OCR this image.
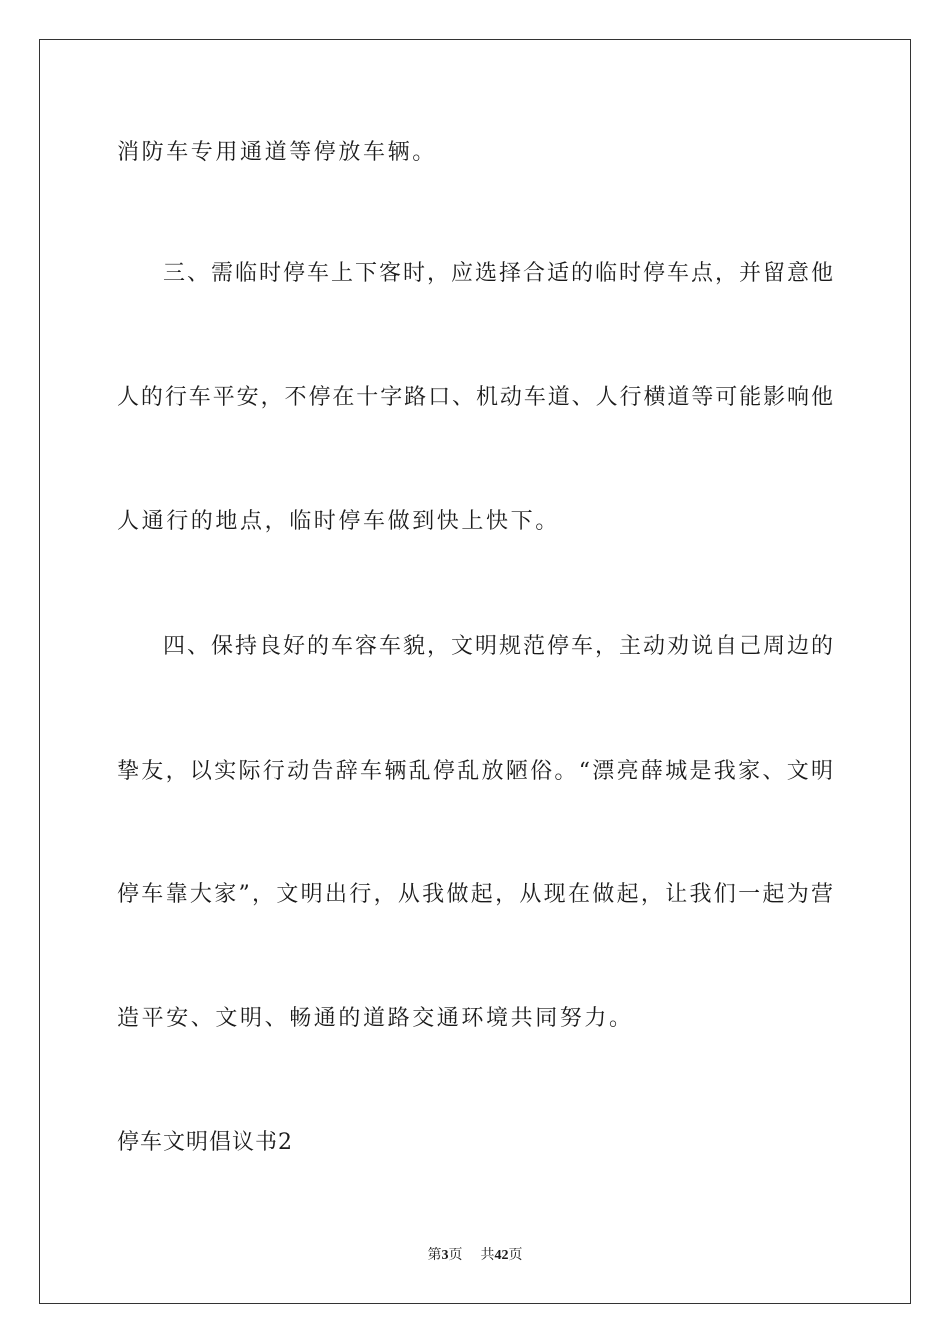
消防车专用通道等停放车辆。
三、需临时停车上下客时，应选择合适的临时停车点，并留意他
人的行车平安，不停在十字路口、机动车道、人行横道等可能影响他
人通行的地点，临时停车做到快上快下。
四、保持良好的车容车貌，文明规范停车，主动劝说自己周边的
挚友，以实际行动告辞车辆乱停乱放陋俗。“漂亮薛城是我家、文明
停车靠大家”，文明出行，从我做起，从现在做起，让我们一起为营
造平安、文明、畅通的道路交通环境共同努力。
停车文明倡议书2
第3页 共42页
